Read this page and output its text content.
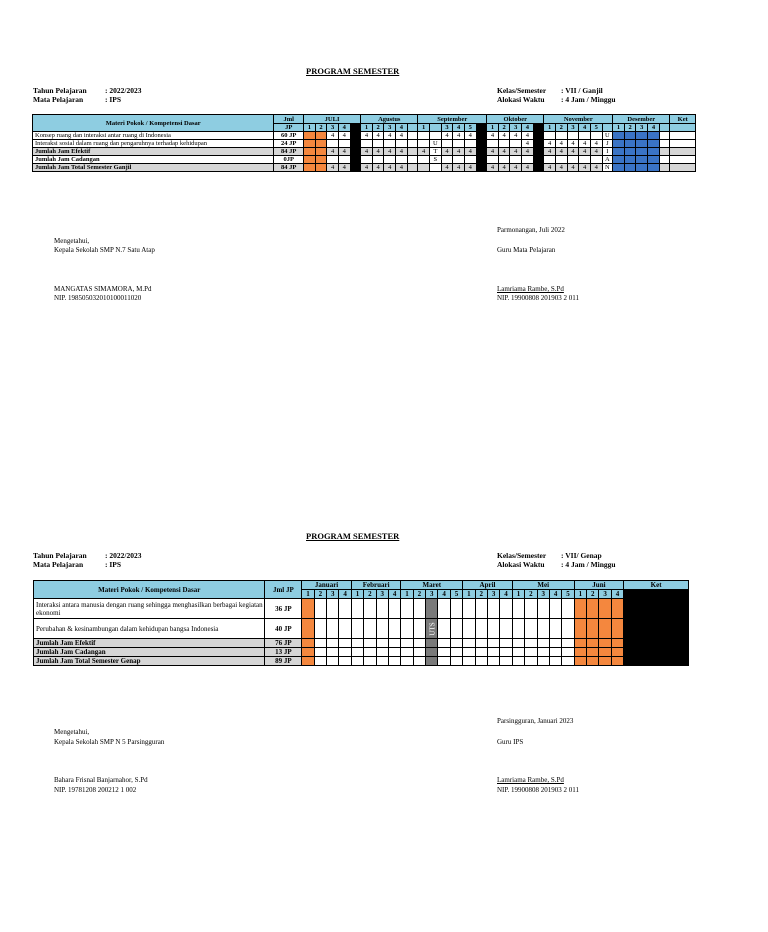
PROGRAM SEMESTER
Tahun Pelajaran : 2022/2023
Mata Pelajaran	: IPS
Kelas/Semester : VII / Ganjil
Alokasi Waktu : 4 Jam / Minggu
Materi Pokok / Kompetensi Dasar	Jml	JULI					Agustus					September						Oktober					November						Desember					Ket
	JP	1	2	3	4		1	2	3	4		1		3	4	5		1	2	3	4		1	2	3	4	5		1	2	3	4		
Konsep ruang dan interaksi antar ruang di Indonesia	60 JP			4	4		4	4	4	4				4	4	4		4	4	4	4							U						
Interaksi sosial dalam ruang dan pengaruhnya terhadap kehidupan	24 JP												U								4		4	4	4	4	4	J						
Jumlah Jam Efektif	84 JP			4	4		4	4	4	4		4	T	4	4	4		4	4	4	4		4	4	4	4	4	I						
Jumlah Jam Cadangan	0JP												S															A						
Jumlah Jam Total Semester Ganjil	84 JP			4	4		4	4	4	4				4	4	4		4	4	4	4		4	4	4	4	4	N						
Parmonangan, Juli 2022
Mengetahui,
Kepala Sekolah SMP N.7 Satu Atap	Guru Mata Pelajaran
MANGATAS SIMAMORA, M.Pd
NIP. 198505032010100011020
Lamriama Rambe, S.Pd
NIP. 19900808 201903 2 011
PROGRAM SEMESTER
Tahun Pelajaran : 2022/2023
Mata Pelajaran	: IPS
Kelas/Semester : VII/ Genap
Alokasi Waktu : 4 Jam / Minggu
Materi Pokok / Kompetensi Dasar	Jml JP	Januari				Februari				Maret					April				Mei					Juni				Ket
		1	2	3	4	1	2	3	4	1	2	3	4	5	1	2	3	4	1	2	3	4	5	1	2	3	4	
Interaksi antara manusia dengan ruang sehingga menghasilkan berbagai kegiatan ekonomi	36 JP																											
Perubahan & kesinambungan dalam kehidupan bangsa Indonesia	40 JP											UTS																
Jumlah Jam Efektif	76 JP																											
Jumlah Jam Cadangan	13 JP																											
Jumlah Jam Total Semester Genap	89 JP																											
Parsingguran, Januari 2023
Mengetahui,
Kepala Sekolah SMP N 5 Parsingguran	Guru IPS
Bahara Frisnal Banjarnahor, S.Pd
NIP. 19781208 200212 1 002
Lamriama Rambe, S.Pd
NIP. 19900808 201903 2 011
